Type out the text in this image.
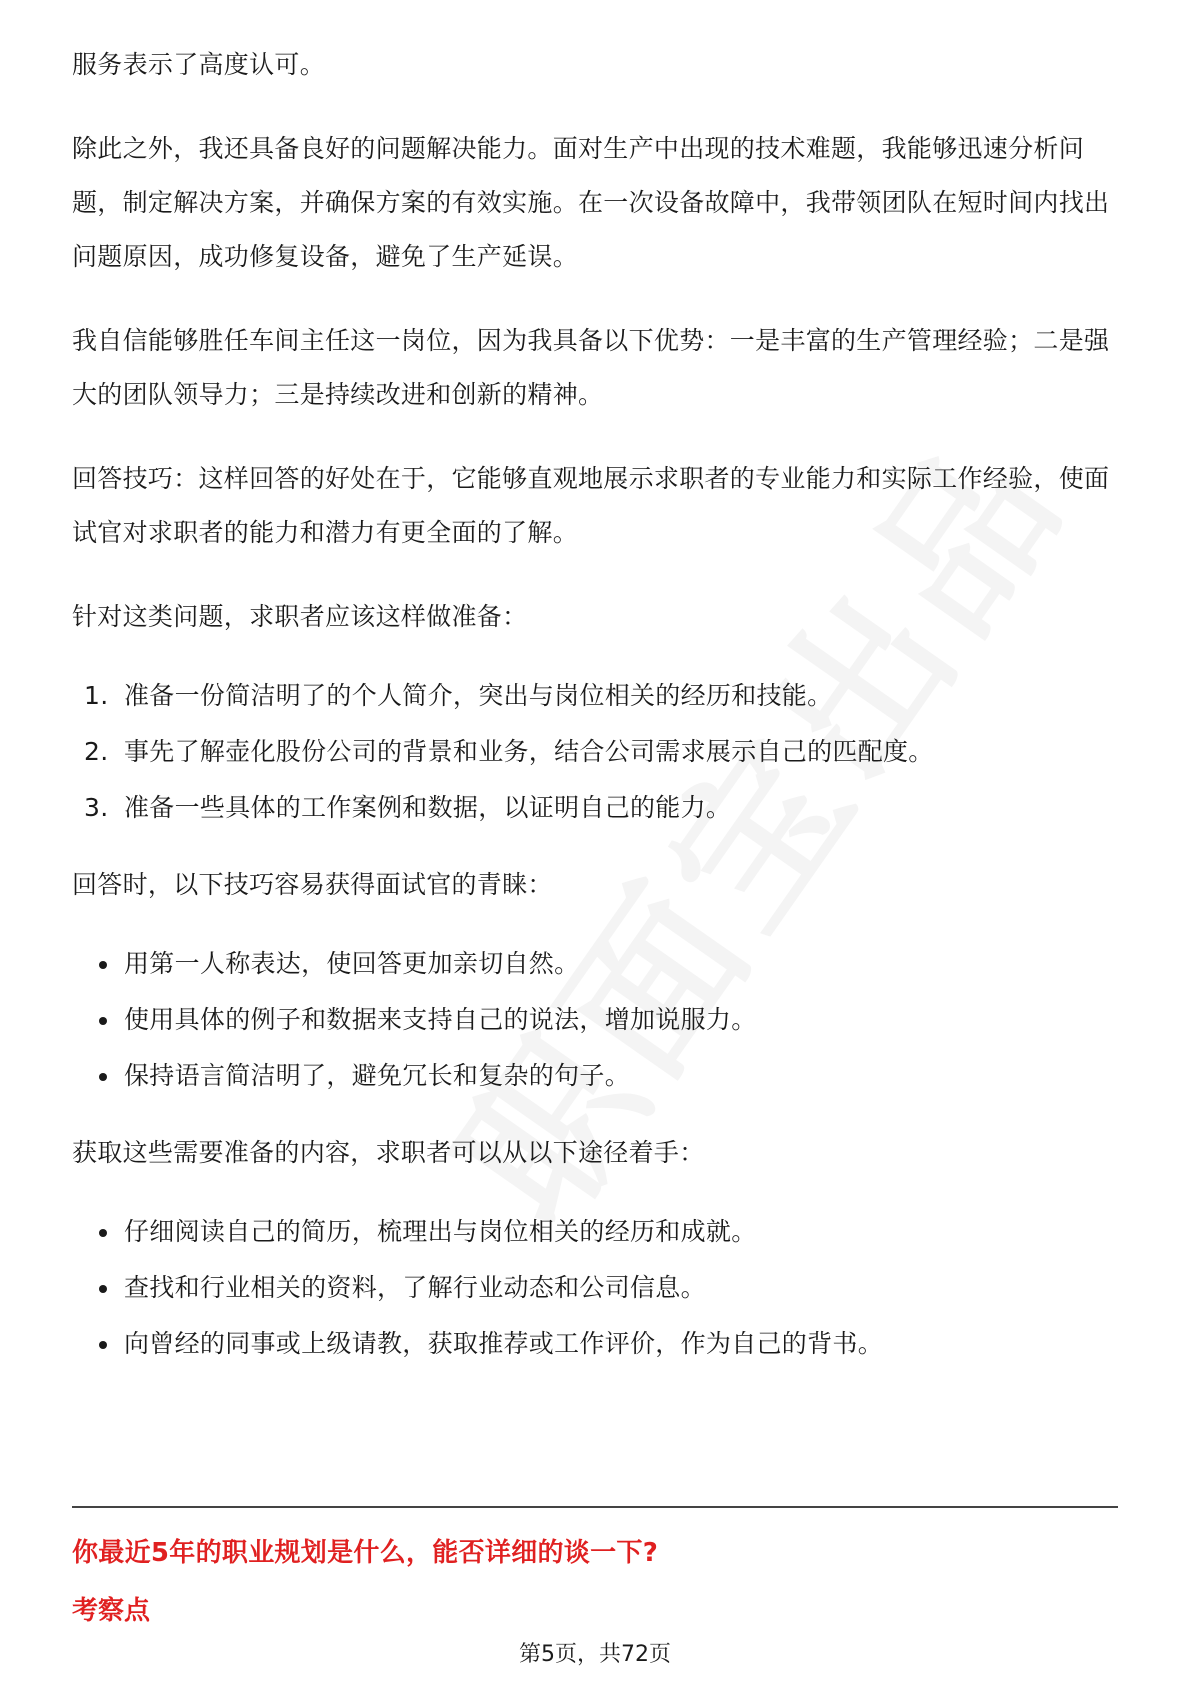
服务表示了高度认可。

除此之外，我还具备良好的问题解决能力。面对生产中出现的技术难题，我能够迅速分析问题，制定解决方案，并确保方案的有效实施。在一次设备故障中，我带领团队在短时间内找出问题原因，成功修复设备，避免了生产延误。

我自信能够胜任车间主任这一岗位，因为我具备以下优势：一是丰富的生产管理经验；二是强大的团队领导力；三是持续改进和创新的精神。

回答技巧：这样回答的好处在于，它能够直观地展示求职者的专业能力和实际工作经验，使面试官对求职者的能力和潜力有更全面的了解。

针对这类问题，求职者应该这样做准备：

1. 准备一份简洁明了的个人简介，突出与岗位相关的经历和技能。
2. 事先了解壶化股份公司的背景和业务，结合公司需求展示自己的匹配度。
3. 准备一些具体的工作案例和数据，以证明自己的能力。

回答时，以下技巧容易获得面试官的青睐：

用第一人称表达，使回答更加亲切自然。
使用具体的例子和数据来支持自己的说法，增加说服力。
保持语言简洁明了，避免冗长和复杂的句子。

获取这些需要准备的内容，求职者可以从以下途径着手：

仔细阅读自己的简历，梳理出与岗位相关的经历和成就。
查找和行业相关的资料，了解行业动态和公司信息。
向曾经的同事或上级请教，获取推荐或工作评价，作为自己的背书。

你最近5年的职业规划是什么，能否详细的谈一下?

考察点

第5页，共72页
